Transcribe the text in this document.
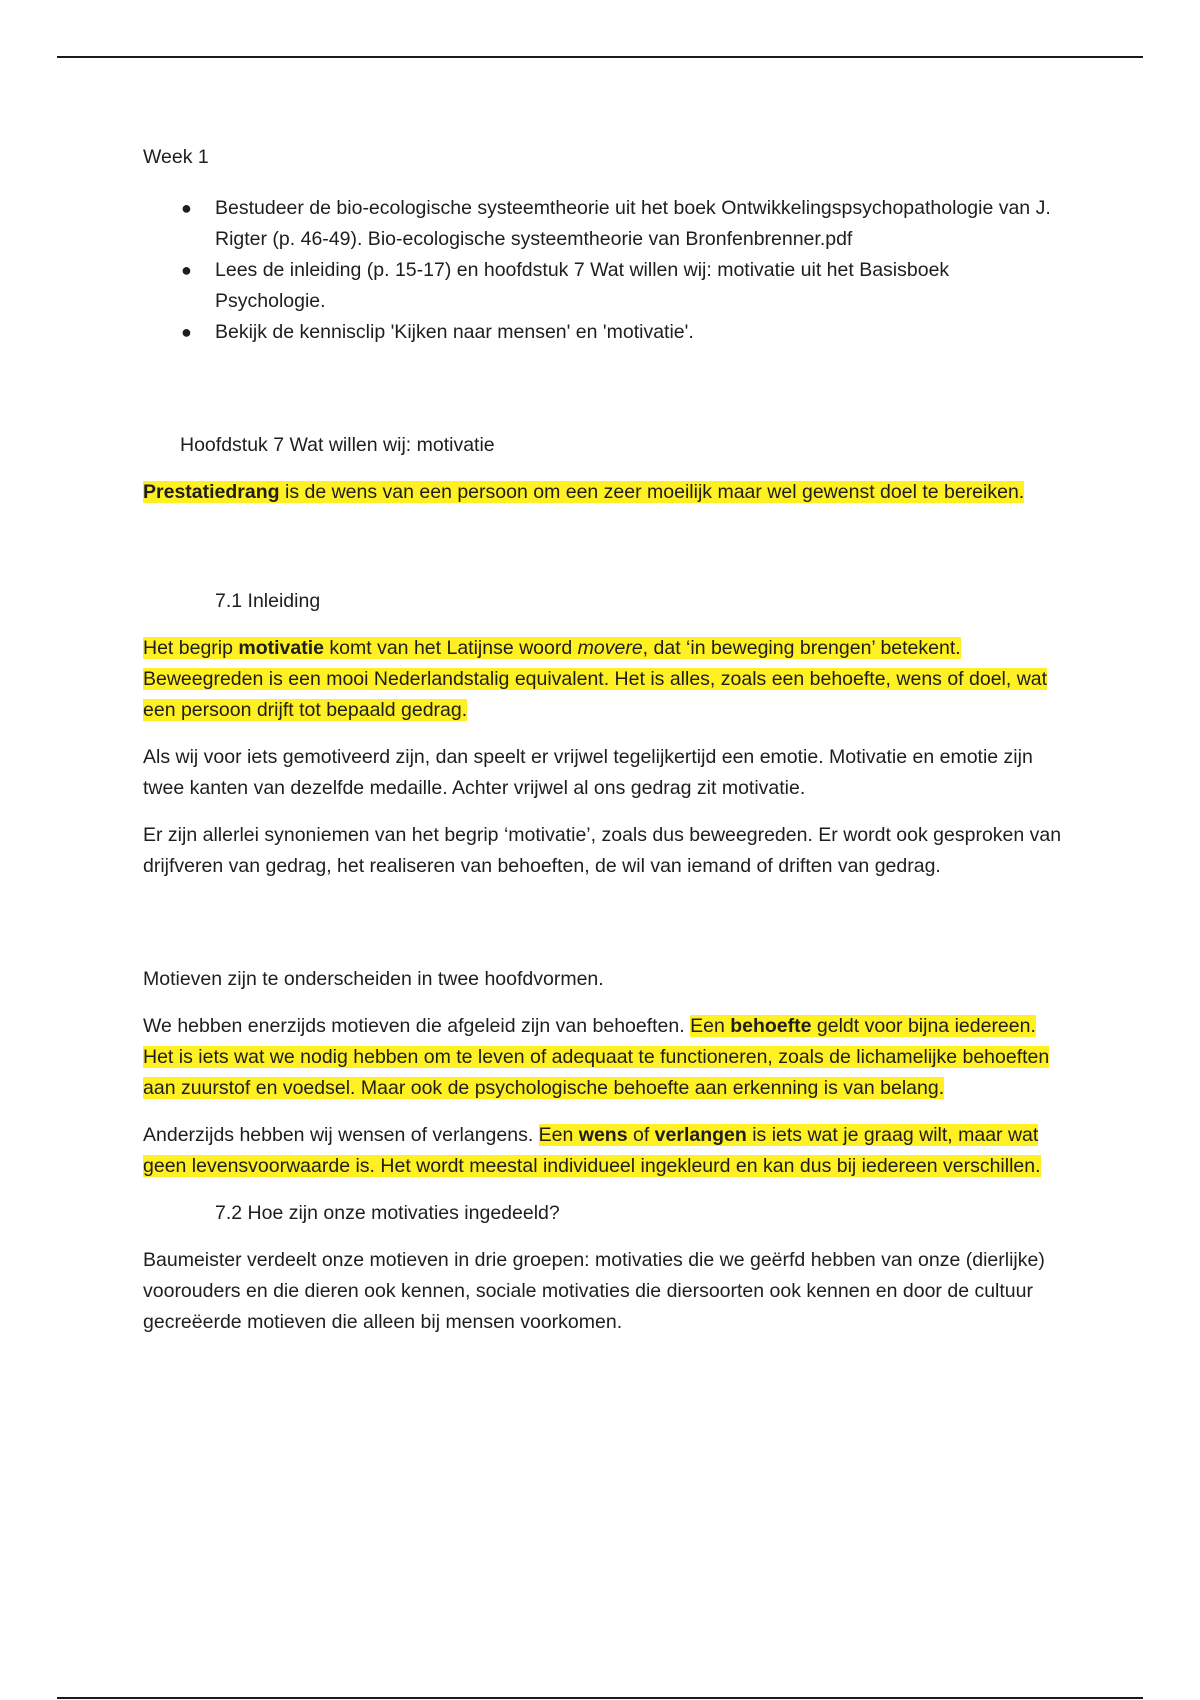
Week 1

● Bestudeer de bio-ecologische systeemtheorie uit het boek Ontwikkelingspsychopathologie van J. Rigter (p. 46-49). Bio-ecologische systeemtheorie van Bronfenbrenner.pdf
● Lees de inleiding (p. 15-17) en hoofdstuk 7 Wat willen wij: motivatie uit het Basisboek Psychologie.
● Bekijk de kennisclip 'Kijken naar mensen' en 'motivatie'.

Hoofdstuk 7 Wat willen wij: motivatie

Prestatiedrang is de wens van een persoon om een zeer moeilijk maar wel gewenst doel te bereiken.

7.1 Inleiding

Het begrip motivatie komt van het Latijnse woord movere, dat ‘in beweging brengen’ betekent. Beweegreden is een mooi Nederlandstalig equivalent. Het is alles, zoals een behoefte, wens of doel, wat een persoon drijft tot bepaald gedrag.

Als wij voor iets gemotiveerd zijn, dan speelt er vrijwel tegelijkertijd een emotie. Motivatie en emotie zijn twee kanten van dezelfde medaille. Achter vrijwel al ons gedrag zit motivatie.

Er zijn allerlei synoniemen van het begrip ‘motivatie’, zoals dus beweegreden. Er wordt ook gesproken van drijfveren van gedrag, het realiseren van behoeften, de wil van iemand of driften van gedrag.

Motieven zijn te onderscheiden in twee hoofdvormen.

We hebben enerzijds motieven die afgeleid zijn van behoeften. Een behoefte geldt voor bijna iedereen. Het is iets wat we nodig hebben om te leven of adequaat te functioneren, zoals de lichamelijke behoeften aan zuurstof en voedsel. Maar ook de psychologische behoefte aan erkenning is van belang.

Anderzijds hebben wij wensen of verlangens. Een wens of verlangen is iets wat je graag wilt, maar wat geen levensvoorwaarde is. Het wordt meestal individueel ingekleurd en kan dus bij iedereen verschillen.

7.2 Hoe zijn onze motivaties ingedeeld?

Baumeister verdeelt onze motieven in drie groepen: motivaties die we geërfd hebben van onze (dierlijke) voorouders en die dieren ook kennen, sociale motivaties die diersoorten ook kennen en door de cultuur gecreëerde motieven die alleen bij mensen voorkomen.
